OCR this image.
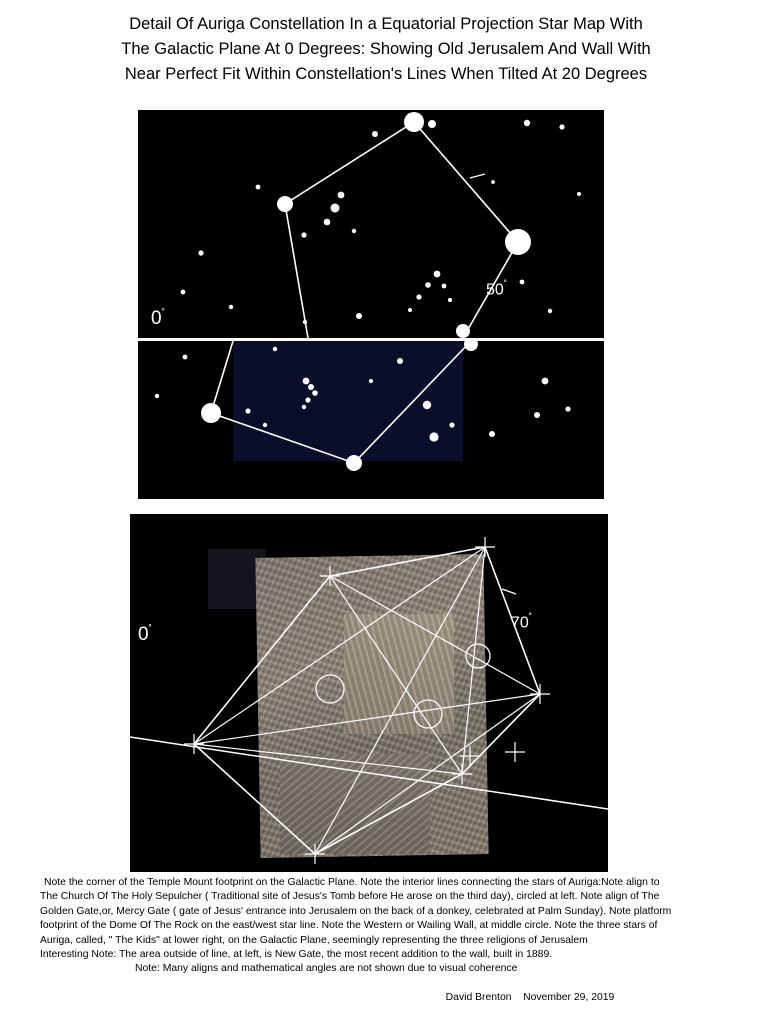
Detail Of Auriga Constellation In a Equatorial Projection Star Map With
The Galactic Plane At 0 Degrees: Showing Old Jerusalem And Wall With
Near Perfect Fit Within Constellation's Lines When Tilted At 20 Degrees
50˚
0˚
70˚
0˚

Note the corner of the Temple Mount footprint on the Galactic Plane. Note the interior lines connecting the stars of Auriga:Note align to

The Church Of The Holy Sepulcher ( Traditional site of Jesus's Tomb before He arose on the third day), circled at left. Note align of The

Golden Gate,or, Mercy Gate ( gate of Jesus' entrance into Jerusalem on the back of a donkey, celebrated at Palm Sunday). Note platform

footprint of the Dome Of The Rock on the east/west star line. Note the Western or Wailing Wall, at middle circle. Note the three stars of

Auriga, called, " The Kids" at lower right, on the Galactic Plane, seemingly representing the three religions of Jerusalem

Interesting Note: The area outside of line, at left, is New Gate, the most recent addition to the wall, built in 1889.

Note: Many aligns and mathematical angles are not shown due to visual coherence

David Brenton November 29, 2019
